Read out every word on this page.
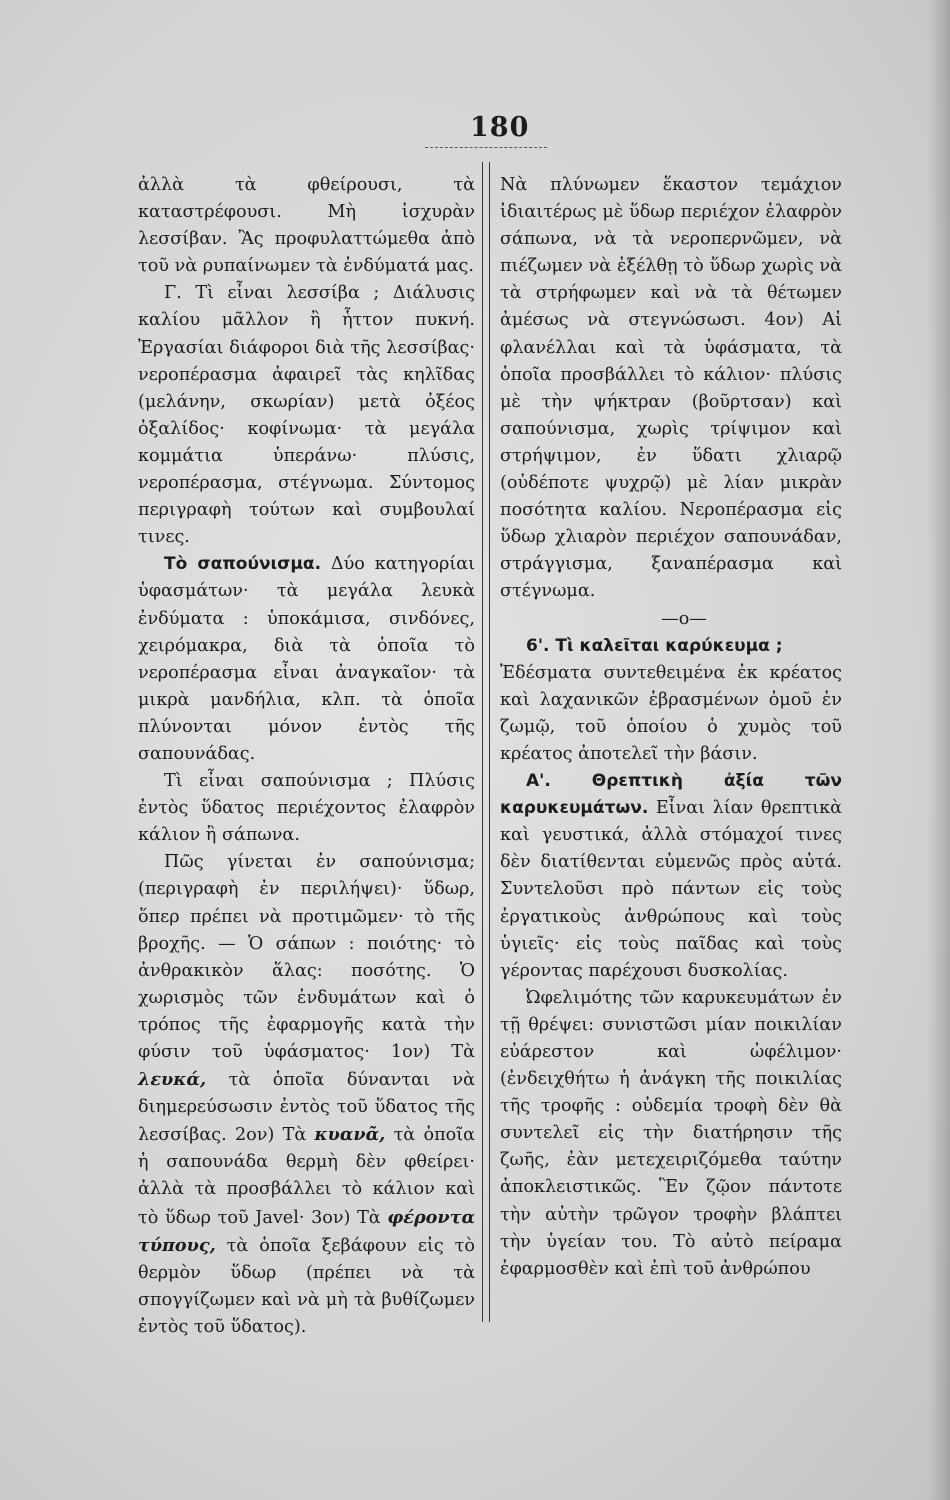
180

ἀλλὰ τὰ φθείρουσι, τὰ καταστρέφουσι. Μὴ ἰσχυρὰν λεσσίβαν. Ἂς προφυλαττώμεθα ἀπὸ τοῦ νὰ ρυπαίνωμεν τὰ ἐνδύματά μας.

Γ. Τὶ εἶναι λεσσίβα ; Διάλυσις καλίου μᾶλλον ἢ ἧττον πυκνή. Ἐργασίαι διάφοροι διὰ τῆς λεσσίβας· νεροπέρασμα ἀφαιρεῖ τὰς κηλῖδας (μελάνην, σκωρίαν) μετὰ ὀξέος ὀξαλίδος· κοφίνωμα· τὰ μεγάλα κομμάτια ὑπεράνω· πλύσις, νεροπέρασμα, στέγνωμα. Σύντομος περιγραφὴ τούτων καὶ συμβουλαί τινες.

Τὸ σαπούνισμα. Δύο κατηγορίαι ὑφασμάτων· τὰ μεγάλα λευκὰ ἐνδύματα : ὑποκάμισα, σινδόνες, χειρόμακρα, διὰ τὰ ὁποῖα τὸ νεροπέρασμα εἶναι ἀναγκαῖον· τὰ μικρὰ μανδήλια, κλπ. τὰ ὁποῖα πλύνονται μόνον ἐντὸς τῆς σαπουνάδας.

Τὶ εἶναι σαπούνισμα ; Πλύσις ἐντὸς ὕδατος περιέχοντος ἐλαφρὸν κάλιον ἢ σάπωνα.

Πῶς γίνεται ἐν σαπούνισμα; (περιγραφὴ ἐν περιλήψει)· ὕδωρ, ὅπερ πρέπει νὰ προτιμῶμεν· τὸ τῆς βροχῆς. — Ὁ σάπων : ποιότης· τὸ ἀνθρακικὸν ἅλας: ποσότης. Ὁ χωρισμὸς τῶν ἐνδυμάτων καὶ ὁ τρόπος τῆς ἐφαρμογῆς κατὰ τὴν φύσιν τοῦ ὑφάσματος· 1ον) Τὰ λευκά, τὰ ὁποῖα δύνανται νὰ διημερεύσωσιν ἐντὸς τοῦ ὕδατος τῆς λεσσίβας. 2ον) Τὰ κυανᾶ, τὰ ὁποῖα ἡ σαπουνάδα θερμὴ δὲν φθείρει· ἀλλὰ τὰ προσβάλλει τὸ κάλιον καὶ τὸ ὕδωρ τοῦ Javel· 3ον) Τὰ φέροντα τύπους, τὰ ὁποῖα ξεβάφουν εἰς τὸ θερμὸν ὕδωρ (πρέπει νὰ τὰ σπογγίζωμεν καὶ νὰ μὴ τὰ βυθίζωμεν ἐντὸς τοῦ ὕδατος).

Νὰ πλύνωμεν ἕκαστον τεμάχιον ἰδιαιτέρως μὲ ὕδωρ περιέχον ἐλαφρὸν σάπωνα, νὰ τὰ νεροπερνῶμεν, νὰ πιέζωμεν νὰ ἐξέλθῃ τὸ ὕδωρ χωρὶς νὰ τὰ στρήφωμεν καὶ νὰ τὰ θέτωμεν ἀμέσως νὰ στεγνώσωσι. 4ον) Αἱ φλανέλλαι καὶ τὰ ὑφάσματα, τὰ ὁποῖα προσβάλλει τὸ κάλιον· πλύσις μὲ τὴν ψήκτραν (βοῦρτσαν) καὶ σαπούνισμα, χωρὶς τρίψιμον καὶ στρήψιμον, ἐν ὕδατι χλιαρῷ (οὐδέποτε ψυχρῷ) μὲ λίαν μικρὰν ποσότητα καλίου. Νεροπέρασμα εἰς ὕδωρ χλιαρὸν περιέχον σαπουνάδαν, στράγγισμα, ξαναπέρασμα καὶ στέγνωμα.

—o—

6'. Τὶ καλεῖται καρύκευμα ;

Ἐδέσματα συντεθειμένα ἐκ κρέατος καὶ λαχανικῶν ἑβρασμένων ὁμοῦ ἐν ζωμῷ, τοῦ ὁποίου ὁ χυμὸς τοῦ κρέατος ἀποτελεῖ τὴν βάσιν.

Α'. Θρεπτικὴ ἀξία τῶν καρυκευμάτων. Εἶναι λίαν θρεπτικὰ καὶ γευστικά, ἀλλὰ στόμαχοί τινες δὲν διατίθενται εὐμενῶς πρὸς αὐτά. Συντελοῦσι πρὸ πάντων εἰς τοὺς ἐργατικοὺς ἀνθρώπους καὶ τοὺς ὑγιεῖς· εἰς τοὺς παῖδας καὶ τοὺς γέροντας παρέχουσι δυσκολίας.

Ὠφελιμότης τῶν καρυκευμάτων ἐν τῇ θρέψει: συνιστῶσι μίαν ποικιλίαν εὐάρεστον καὶ ὠφέλιμον· (ἐνδειχθήτω ἡ ἀνάγκη τῆς ποικιλίας τῆς τροφῆς : οὐδεμία τροφὴ δὲν θὰ συντελεῖ εἰς τὴν διατήρησιν τῆς ζωῆς, ἐὰν μετεχειριζόμεθα ταύτην ἀποκλειστικῶς. Ἓν ζῷον πάντοτε τὴν αὐτὴν τρῶγον τροφὴν βλάπτει τὴν ὑγείαν του. Τὸ αὐτὸ πείραμα ἐφαρμοσθὲν καὶ ἐπὶ τοῦ ἀνθρώπου
